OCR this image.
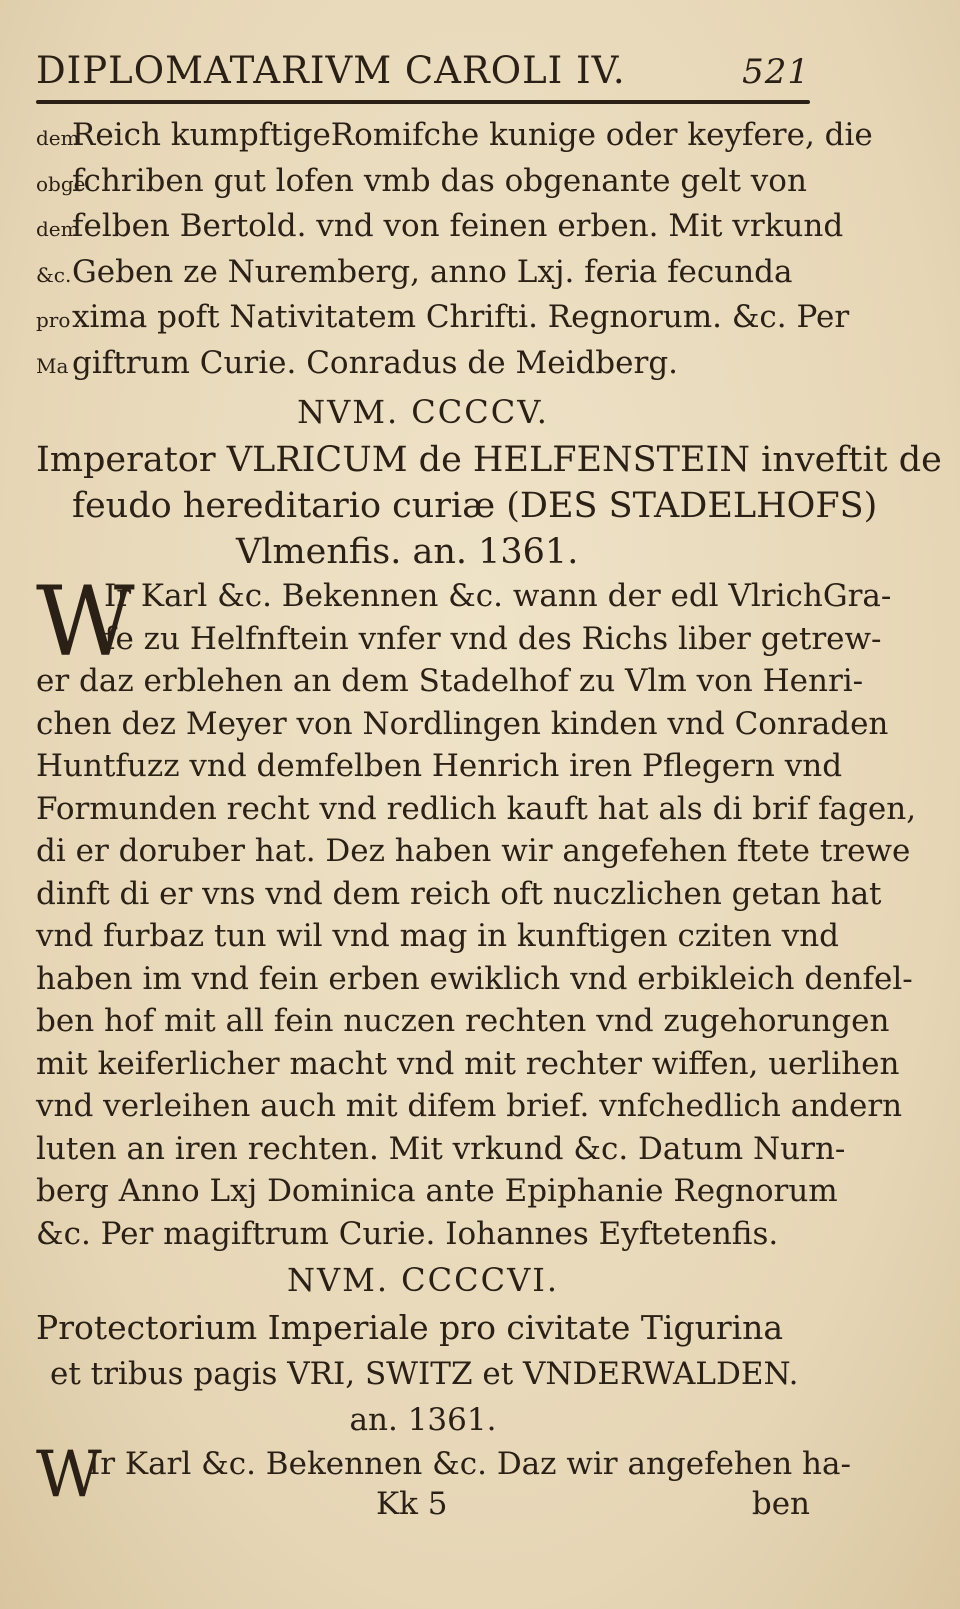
DIPLOMATARIVM CAROLI IV.	521
demReich kumpftigeRomifche kunige oder keyfere, die
obgefchriben gut lofen vmb das obgenante gelt von
demfelben Bertold. vnd von feinen erben. Mit vrkund
&c.Geben ze Nuremberg, anno Lxj. feria fecunda
proxima poft Nativitatem Chrifti. Regnorum. &c. Per
Ma giftrum Curie. Conradus de Meidberg.
NVM. CCCCV.
Imperator VLRICUM de HELFENSTEIN inveftit de
feudo hereditario curiæ (DES STADELHOFS)
Vlmenfis. an. 1361.
W
Ir Karl &c. Bekennen &c. wann der edl VlrichGra-
fe zu Helfnftein vnfer vnd des Richs liber getrew-
er daz erblehen an dem Stadelhof zu Vlm von Henri-
chen dez Meyer von Nordlingen kinden vnd Conraden
Huntfuzz vnd demfelben Henrich iren Pflegern vnd
Formunden recht vnd redlich kauft hat als di brif fagen,
di er doruber hat. Dez haben wir angefehen ftete trewe
dinft di er vns vnd dem reich oft nuczlichen getan hat
vnd furbaz tun wil vnd mag in kunftigen cziten vnd
haben im vnd fein erben ewiklich vnd erbikleich denfel-
ben hof mit all fein nuczen rechten vnd zugehorungen
mit keiferlicher macht vnd mit rechter wiffen, uerlihen
vnd verleihen auch mit difem brief. vnfchedlich andern
luten an iren rechten. Mit vrkund &c. Datum Nurn-
berg Anno Lxj Dominica ante Epiphanie Regnorum
&c. Per magiftrum Curie. Iohannes Eyftetenfis.
NVM. CCCCVI.
Protectorium Imperiale pro civitate Tigurina
et tribus pagis VRI, SWITZ et VNDERWALDEN.
an. 1361.
W
Ir Karl &c. Bekennen &c. Daz wir angefehen ha-
Kk 5	ben
